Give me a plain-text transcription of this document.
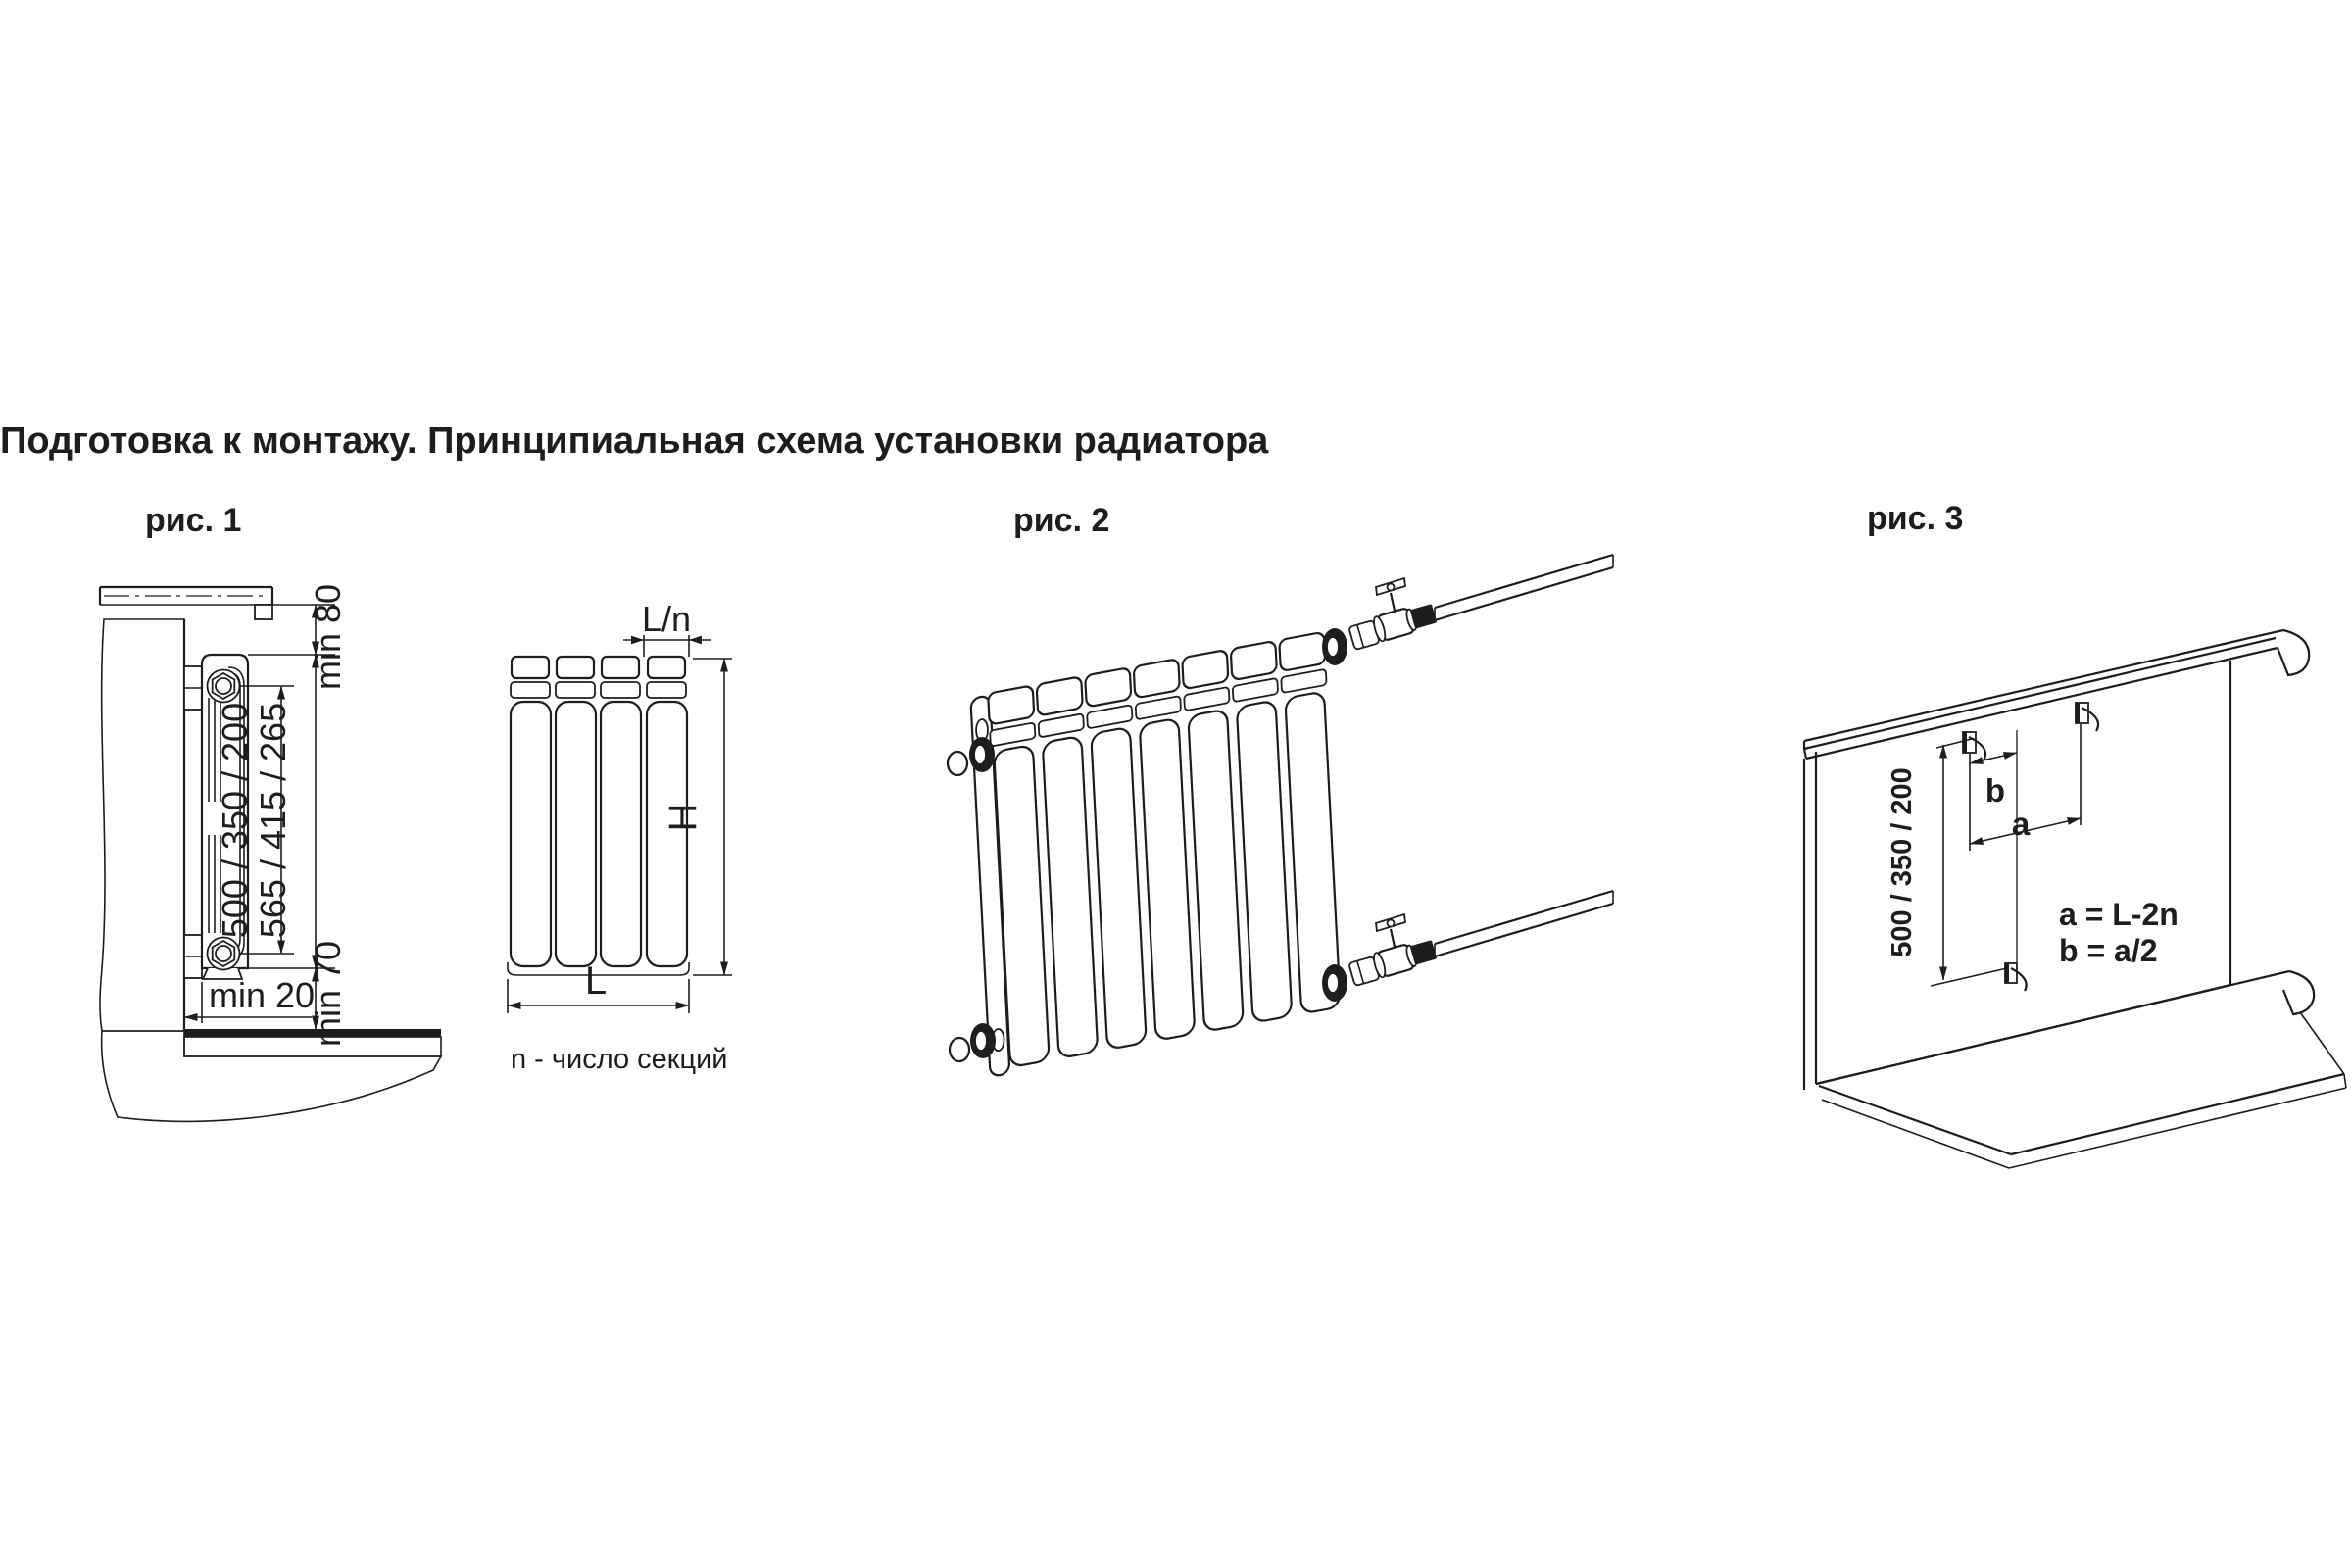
Подготовка к монтажу. Принципиальная схема установки радиатора
рис. 1	рис. 2	рис. 3
min 80
500 / 350 / 200
565 / 415 / 265
min 70
min 20
L/n
H
L
n - число секций
500 / 350 / 200 b
a
a = L-2n
b = a/2
